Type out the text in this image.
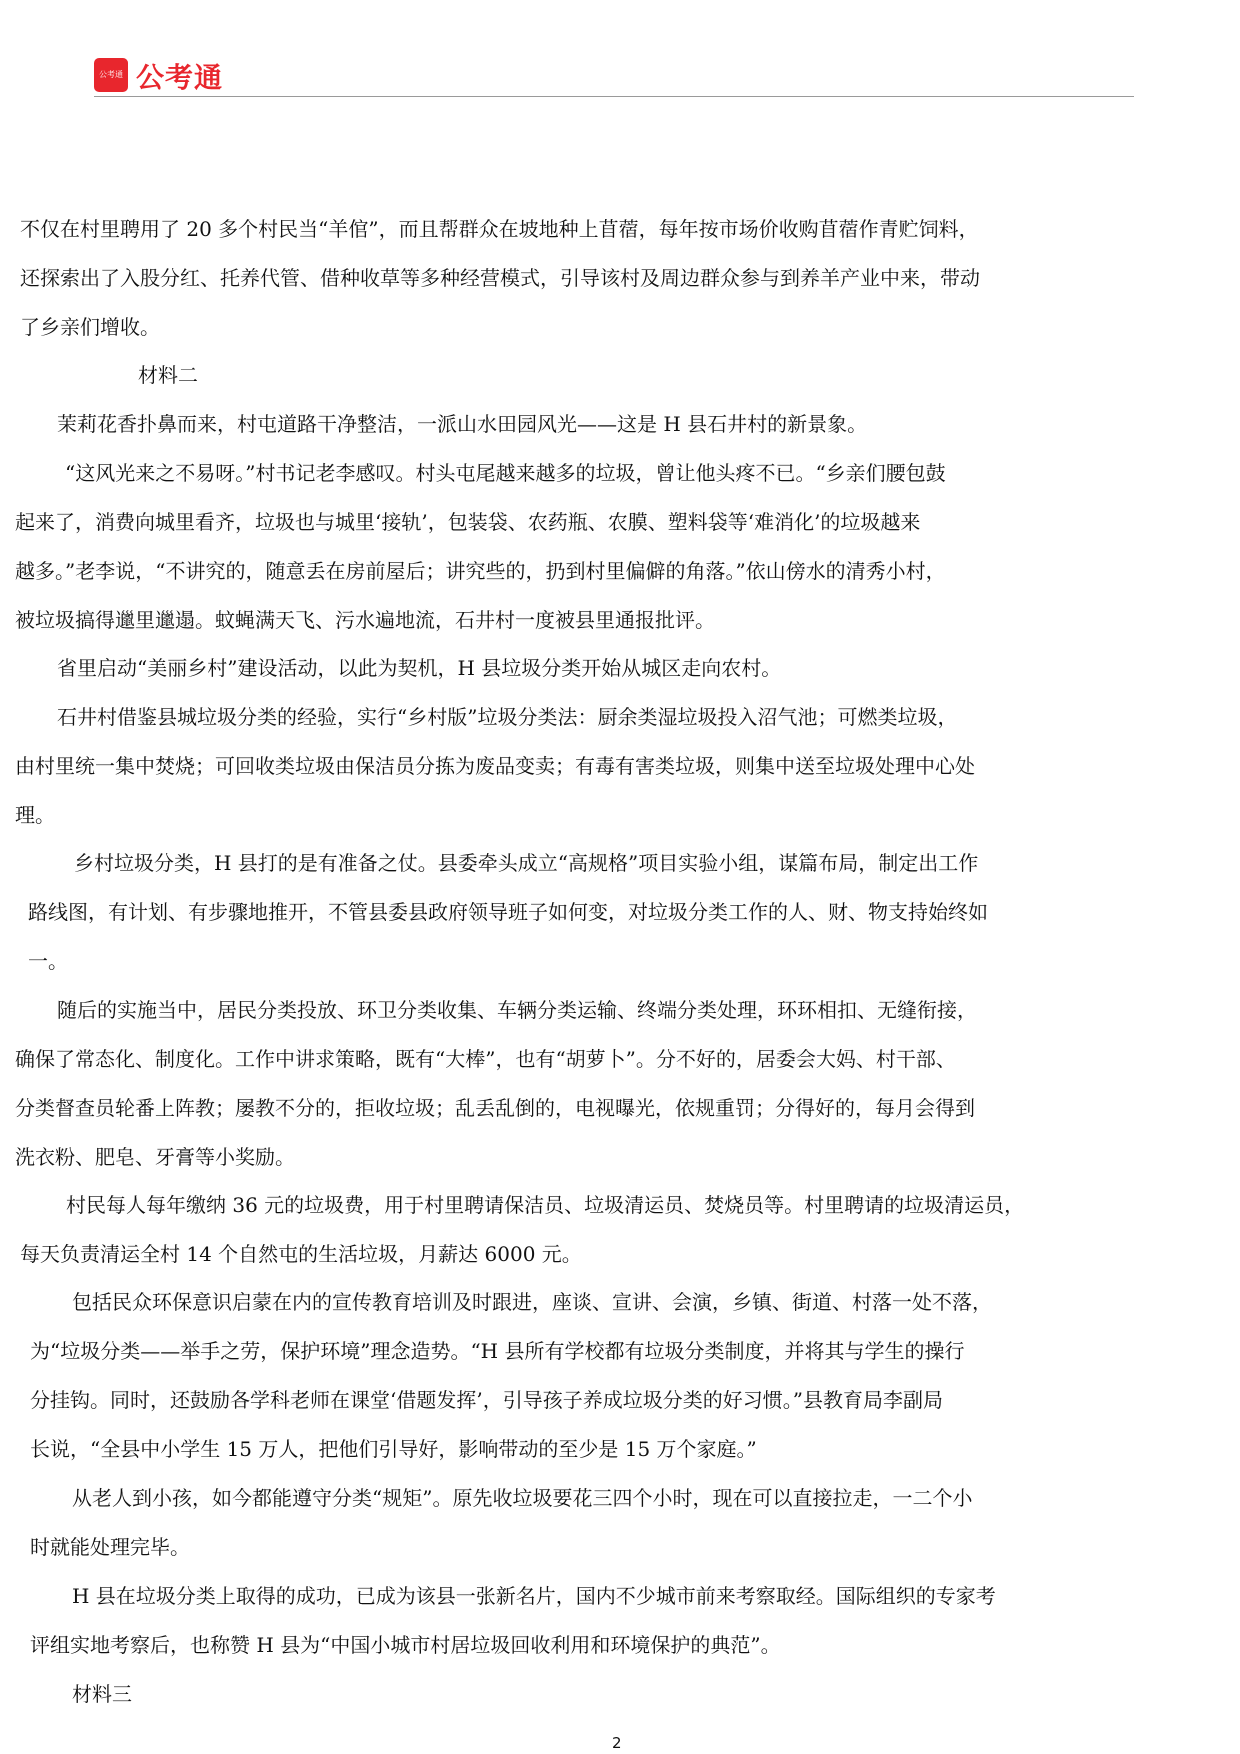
公考通 公考通
不仅在村里聘用了 20 多个村民当“羊倌”，而且帮群众在坡地种上苜蓿，每年按市场价收购苜蓿作青贮饲料，
还探索出了入股分红、托养代管、借种收草等多种经营模式，引导该村及周边群众参与到养羊产业中来，带动
了乡亲们增收。
材料二
茉莉花香扑鼻而来，村屯道路干净整洁，一派山水田园风光——这是 H 县石井村的新景象。
“这风光来之不易呀。”村书记老李感叹。村头屯尾越来越多的垃圾，曾让他头疼不已。“乡亲们腰包鼓
起来了，消费向城里看齐，垃圾也与城里‘接轨’，包装袋、农药瓶、农膜、塑料袋等‘难消化’的垃圾越来
越多。”老李说，“不讲究的，随意丢在房前屋后；讲究些的，扔到村里偏僻的角落。”依山傍水的清秀小村，
被垃圾搞得邋里邋遢。蚊蝇满天飞、污水遍地流，石井村一度被县里通报批评。
省里启动“美丽乡村”建设活动，以此为契机，H 县垃圾分类开始从城区走向农村。
石井村借鉴县城垃圾分类的经验，实行“乡村版”垃圾分类法：厨余类湿垃圾投入沼气池；可燃类垃圾，
由村里统一集中焚烧；可回收类垃圾由保洁员分拣为废品变卖；有毒有害类垃圾，则集中送至垃圾处理中心处
理。
乡村垃圾分类，H 县打的是有准备之仗。县委牵头成立“高规格”项目实验小组，谋篇布局，制定出工作
路线图，有计划、有步骤地推开，不管县委县政府领导班子如何变，对垃圾分类工作的人、财、物支持始终如
一。
随后的实施当中，居民分类投放、环卫分类收集、车辆分类运输、终端分类处理，环环相扣、无缝衔接，
确保了常态化、制度化。工作中讲求策略，既有“大棒”，也有“胡萝卜”。分不好的，居委会大妈、村干部、
分类督查员轮番上阵教；屡教不分的，拒收垃圾；乱丢乱倒的，电视曝光，依规重罚；分得好的，每月会得到
洗衣粉、肥皂、牙膏等小奖励。
村民每人每年缴纳 36 元的垃圾费，用于村里聘请保洁员、垃圾清运员、焚烧员等。村里聘请的垃圾清运员，
每天负责清运全村 14 个自然屯的生活垃圾，月薪达 6000 元。
包括民众环保意识启蒙在内的宣传教育培训及时跟进，座谈、宣讲、会演，乡镇、街道、村落一处不落，
为“垃圾分类——举手之劳，保护环境”理念造势。“H 县所有学校都有垃圾分类制度，并将其与学生的操行
分挂钩。同时，还鼓励各学科老师在课堂‘借题发挥’，引导孩子养成垃圾分类的好习惯。”县教育局李副局
长说，“全县中小学生 15 万人，把他们引导好，影响带动的至少是 15 万个家庭。”
从老人到小孩，如今都能遵守分类“规矩”。原先收垃圾要花三四个小时，现在可以直接拉走，一二个小
时就能处理完毕。
H 县在垃圾分类上取得的成功，已成为该县一张新名片，国内不少城市前来考察取经。国际组织的专家考
评组实地考察后，也称赞 H 县为“中国小城市村居垃圾回收利用和环境保护的典范”。
材料三
2
